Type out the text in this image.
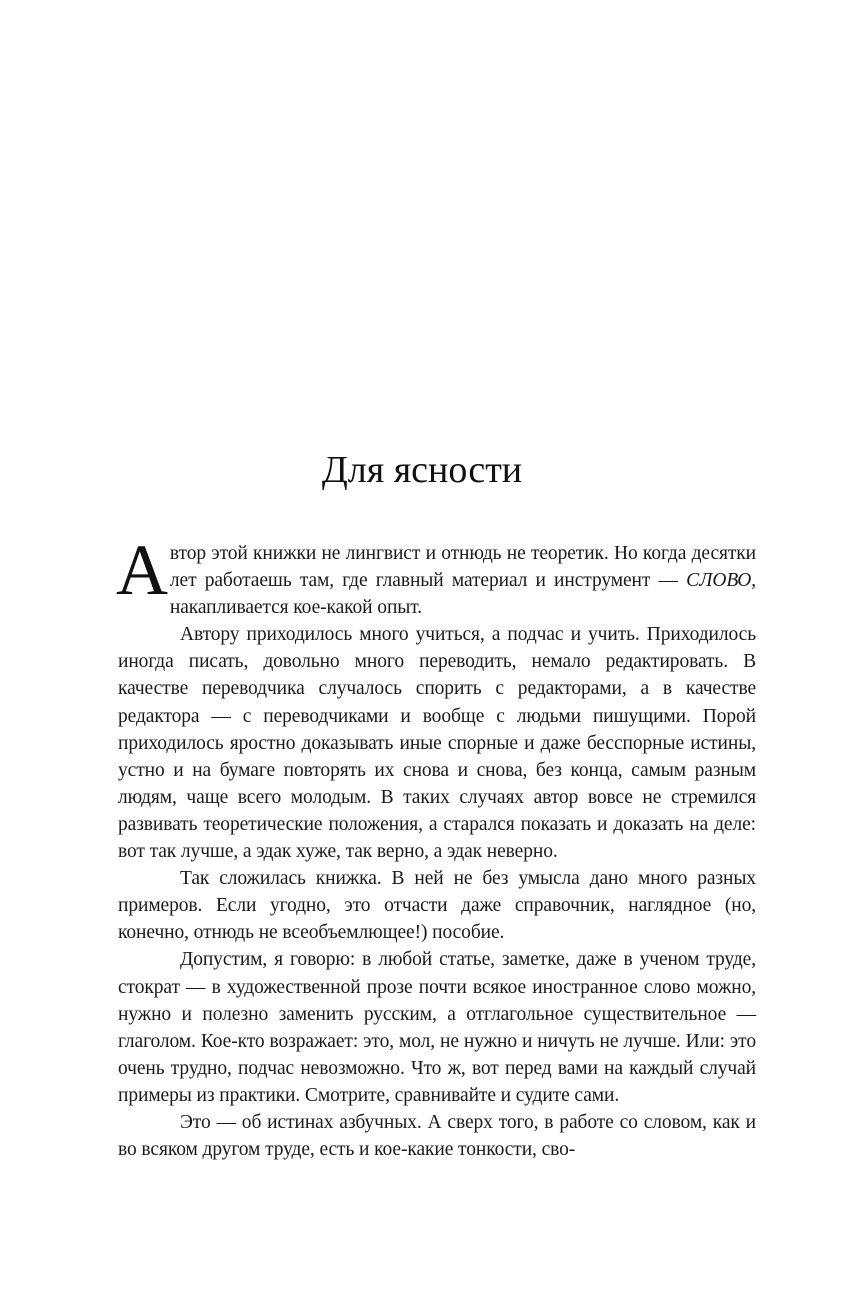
Для ясности

Автор этой книжки не лингвист и отнюдь не теоретик. Но когда десятки лет работаешь там, где главный материал и инструмент — СЛОВО, накапливается кое-какой опыт.

Автору приходилось много учиться, а подчас и учить. Приходилось иногда писать, довольно много переводить, немало редактировать. В качестве переводчика случалось спорить с редакторами, а в качестве редактора — с переводчиками и вообще с людьми пишущими. Порой приходилось яростно доказывать иные спорные и даже бесспорные истины, устно и на бумаге повторять их снова и снова, без конца, самым разным людям, чаще всего молодым. В таких случаях автор вовсе не стремился развивать теоретические положения, а старался показать и доказать на деле: вот так лучше, а эдак хуже, так верно, а эдак неверно.

Так сложилась книжка. В ней не без умысла дано много разных примеров. Если угодно, это отчасти даже справочник, наглядное (но, конечно, отнюдь не всеобъемлющее!) пособие.

Допустим, я говорю: в любой статье, заметке, даже в ученом труде, стократ — в художественной прозе почти всякое иностранное слово можно, нужно и полезно заменить русским, а отглагольное существительное — глаголом. Кое-кто возражает: это, мол, не нужно и ничуть не лучше. Или: это очень трудно, подчас невозможно. Что ж, вот перед вами на каждый случай примеры из практики. Смотрите, сравнивайте и судите сами.

Это — об истинах азбучных. А сверх того, в работе со словом, как и во всяком другом труде, есть и кое-какие тонкости, сво-
